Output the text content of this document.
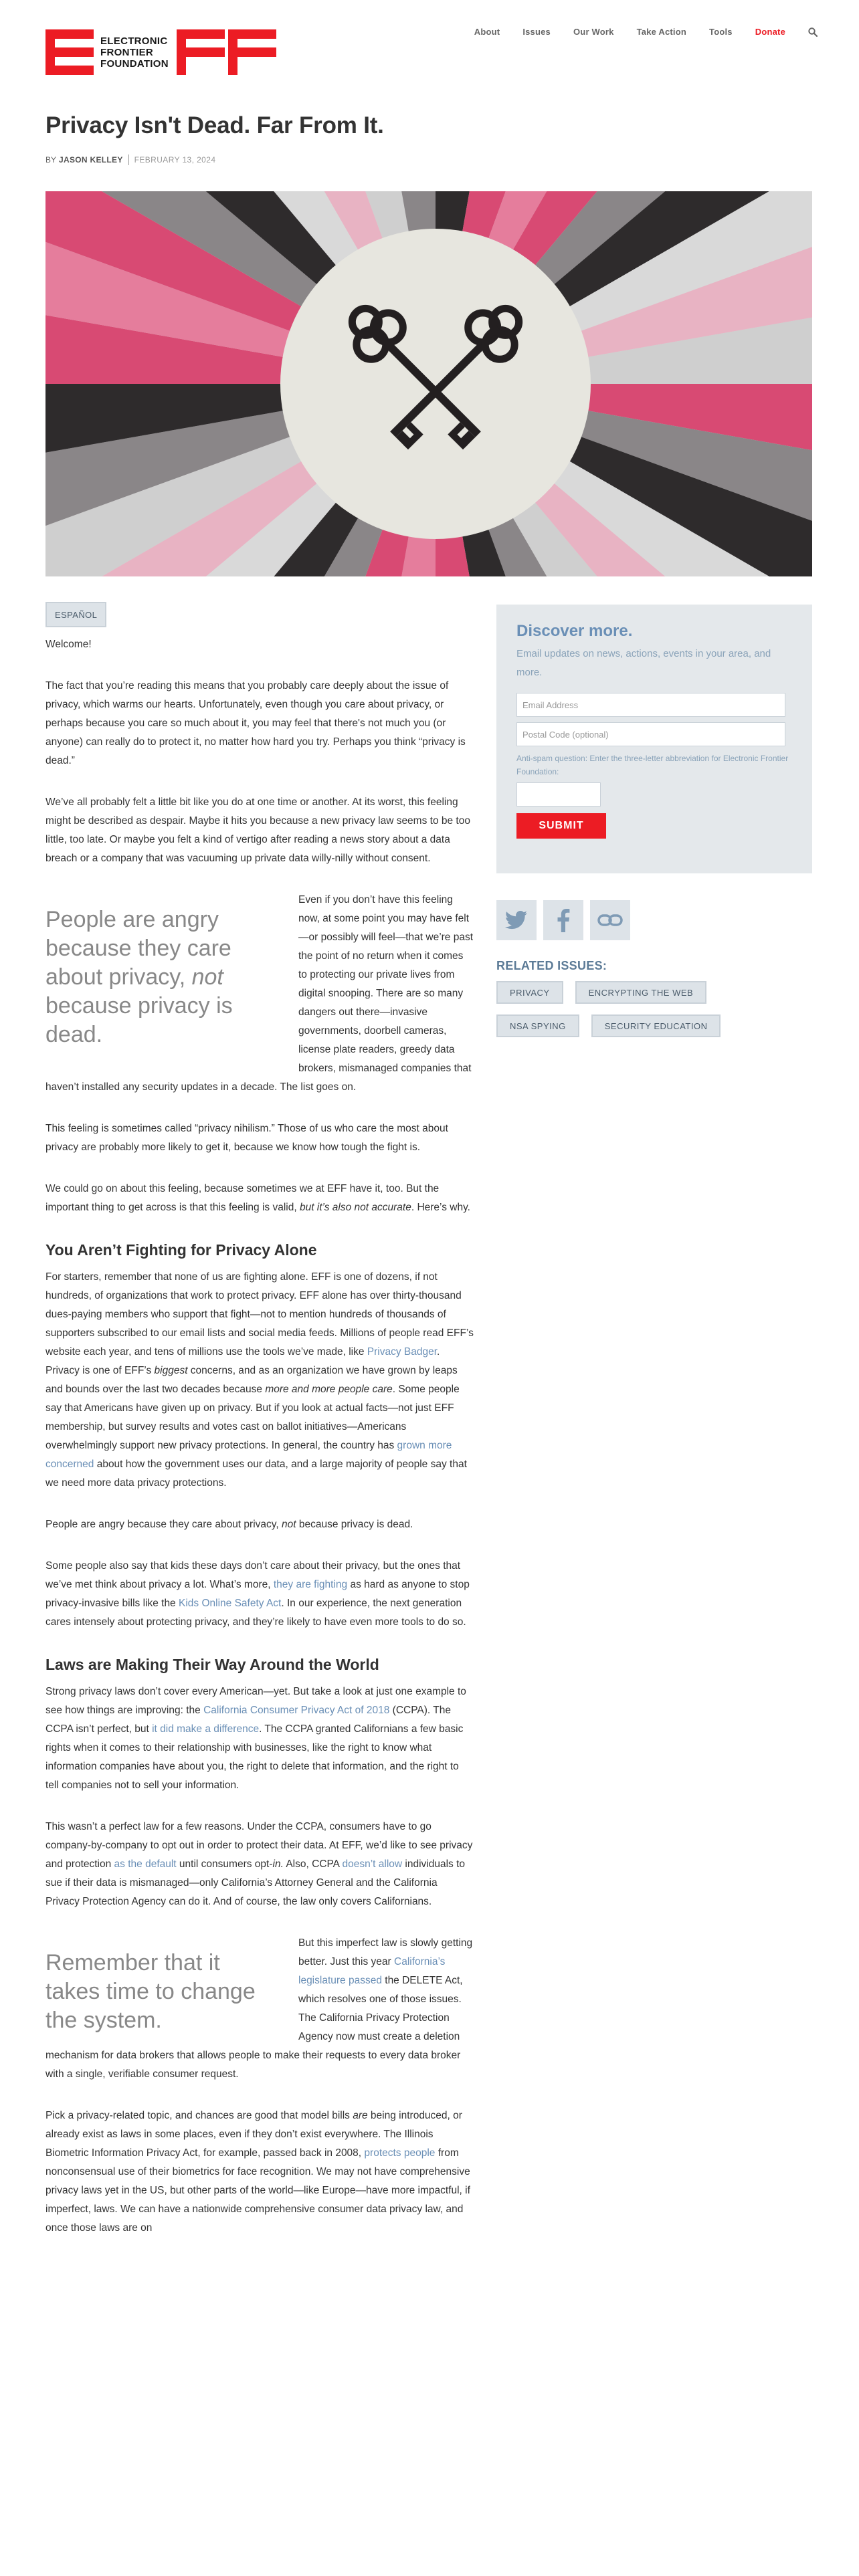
ELECTRONIC
FRONTIER
FOUNDATION
About	Issues	Our Work	Take Action	Tools	Donate
Privacy Isn't Dead. Far From It.
BY JASON KELLEY FEBRUARY 13, 2024
ESPAÑOL

Welcome!

The fact that you’re reading this means that you probably care deeply about the issue of privacy, which warms our hearts. Unfortunately, even though you care about privacy, or perhaps because you care so much about it, you may feel that there's not much you (or anyone) can really do to protect it, no matter how hard you try. Perhaps you think “privacy is dead.”

We’ve all probably felt a little bit like you do at one time or another. At its worst, this feeling might be described as despair. Maybe it hits you because a new privacy law seems to be too little, too late. Or maybe you felt a kind of vertigo after reading a news story about a data breach or a company that was vacuuming up private data willy-nilly without consent.

People are angry because they care about privacy, not because privacy is dead.

Even if you don’t have this feeling now, at some point you may have felt—or possibly will feel—that we’re past the point of no return when it comes to protecting our private lives from digital snooping. There are so many dangers out there—invasive governments, doorbell cameras, license plate readers, greedy data brokers, mismanaged companies that haven’t installed any security updates in a decade. The list goes on.

This feeling is sometimes called “privacy nihilism.” Those of us who care the most about privacy are probably more likely to get it, because we know how tough the fight is.

We could go on about this feeling, because sometimes we at EFF have it, too. But the important thing to get across is that this feeling is valid, but it’s also not accurate. Here’s why.

You Aren’t Fighting for Privacy Alone

For starters, remember that none of us are fighting alone. EFF is one of dozens, if not hundreds, of organizations that work to protect privacy. EFF alone has over thirty-thousand dues-paying members who support that fight—not to mention hundreds of thousands of supporters subscribed to our email lists and social media feeds. Millions of people read EFF’s website each year, and tens of millions use the tools we’ve made, like Privacy Badger. Privacy is one of EFF’s biggest concerns, and as an organization we have grown by leaps and bounds over the last two decades because more and more people care. Some people say that Americans have given up on privacy. But if you look at actual facts—not just EFF membership, but survey results and votes cast on ballot initiatives—Americans overwhelmingly support new privacy protections. In general, the country has grown more concerned about how the government uses our data, and a large majority of people say that we need more data privacy protections.

People are angry because they care about privacy, not because privacy is dead.

Some people also say that kids these days don’t care about their privacy, but the ones that we’ve met think about privacy a lot. What’s more, they are fighting as hard as anyone to stop privacy-invasive bills like the Kids Online Safety Act. In our experience, the next generation cares intensely about protecting privacy, and they’re likely to have even more tools to do so.

Laws are Making Their Way Around the World

Strong privacy laws don’t cover every American—yet. But take a look at just one example to see how things are improving: the California Consumer Privacy Act of 2018 (CCPA). The CCPA isn’t perfect, but it did make a difference. The CCPA granted Californians a few basic rights when it comes to their relationship with businesses, like the right to know what information companies have about you, the right to delete that information, and the right to tell companies not to sell your information.

This wasn’t a perfect law for a few reasons. Under the CCPA, consumers have to go company-by-company to opt out in order to protect their data. At EFF, we’d like to see privacy and protection as the default until consumers opt-in. Also, CCPA doesn’t allow individuals to sue if their data is mismanaged—only California’s Attorney General and the California Privacy Protection Agency can do it. And of course, the law only covers Californians.

Remember that it takes time to change the system.

But this imperfect law is slowly getting better. Just this year California’s legislature passed the DELETE Act, which resolves one of those issues. The California Privacy Protection Agency now must create a deletion mechanism for data brokers that allows people to make their requests to every data broker with a single, verifiable consumer request.

Pick a privacy-related topic, and chances are good that model bills are being introduced, or already exist as laws in some places, even if they don’t exist everywhere. The Illinois Biometric Information Privacy Act, for example, passed back in 2008, protects people from nonconsensual use of their biometrics for face recognition. We may not have comprehensive privacy laws yet in the US, but other parts of the world—like Europe—have more impactful, if imperfect, laws. We can have a nationwide comprehensive consumer data privacy law, and once those laws are on

Discover more.
Email updates on news, actions, events in your area, and more.
Email Address
Postal Code (optional)
Anti-spam question: Enter the three-letter abbreviation for Electronic Frontier Foundation:
SUBMIT
RELATED ISSUES:
PRIVACY	ENCRYPTING THE WEB
NSA SPYING	SECURITY EDUCATION
